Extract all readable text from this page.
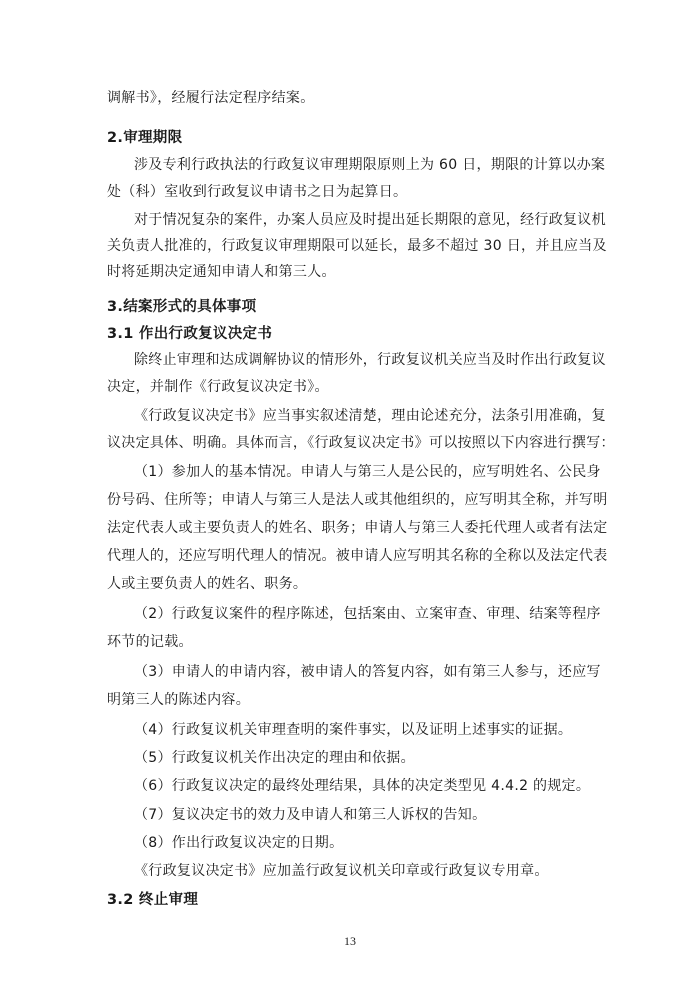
调解书》，经履行法定程序结案。
2.审理期限
涉及专利行政执法的行政复议审理期限原则上为 60 日，期限的计算以办案
处（科）室收到行政复议申请书之日为起算日。
对于情况复杂的案件，办案人员应及时提出延长期限的意见，经行政复议机
关负责人批准的，行政复议审理期限可以延长，最多不超过 30 日，并且应当及
时将延期决定通知申请人和第三人。
3.结案形式的具体事项
3.1 作出行政复议决定书
除终止审理和达成调解协议的情形外，行政复议机关应当及时作出行政复议
决定，并制作《行政复议决定书》。
《行政复议决定书》应当事实叙述清楚，理由论述充分，法条引用准确，复
议决定具体、明确。具体而言，《行政复议决定书》可以按照以下内容进行撰写：
（1）参加人的基本情况。申请人与第三人是公民的，应写明姓名、公民身
份号码、住所等；申请人与第三人是法人或其他组织的，应写明其全称，并写明
法定代表人或主要负责人的姓名、职务；申请人与第三人委托代理人或者有法定
代理人的，还应写明代理人的情况。被申请人应写明其名称的全称以及法定代表
人或主要负责人的姓名、职务。
（2）行政复议案件的程序陈述，包括案由、立案审查、审理、结案等程序
环节的记载。
（3）申请人的申请内容，被申请人的答复内容，如有第三人参与，还应写
明第三人的陈述内容。
（4）行政复议机关审理查明的案件事实，以及证明上述事实的证据。
（5）行政复议机关作出决定的理由和依据。
（6）行政复议决定的最终处理结果，具体的决定类型见 4.4.2 的规定。
（7）复议决定书的效力及申请人和第三人诉权的告知。
（8）作出行政复议决定的日期。
《行政复议决定书》应加盖行政复议机关印章或行政复议专用章。
3.2 终止审理
13
